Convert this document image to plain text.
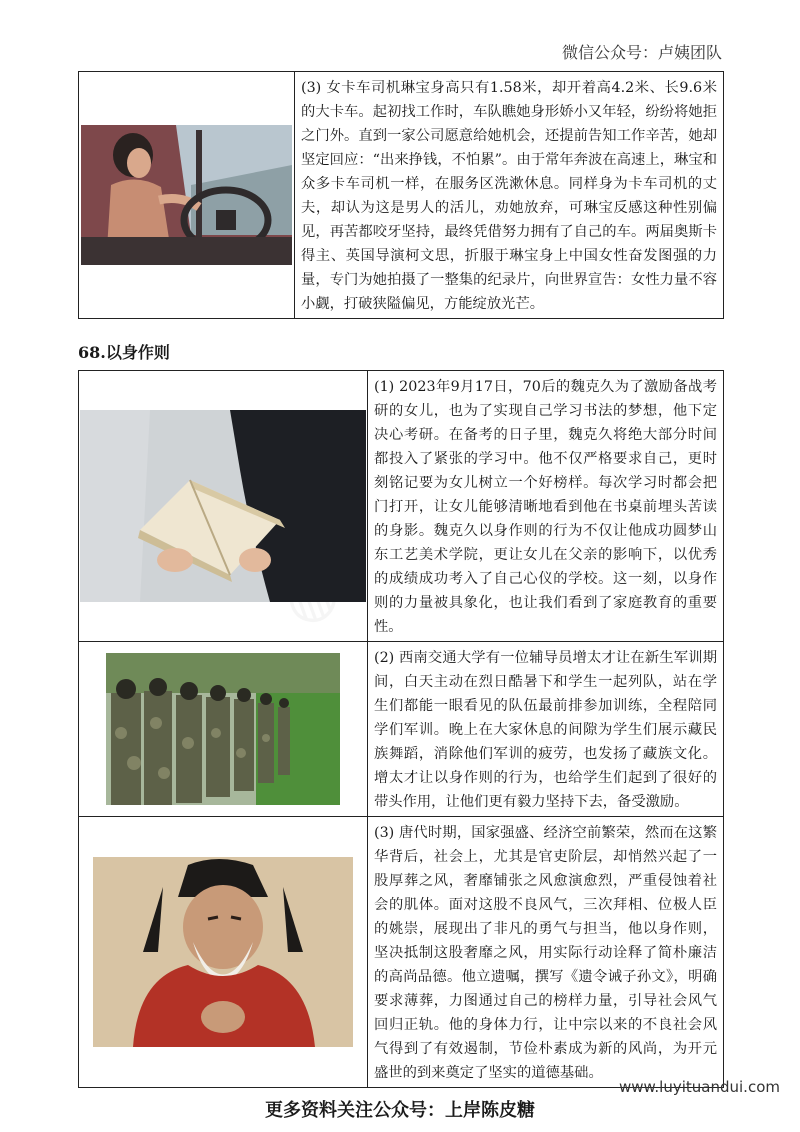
微信公众号：卢姨团队
	(3) 女卡车司机琳宝身高只有1.58米，却开着高4.2米、长9.6米的大卡车。起初找工作时，车队瞧她身形娇小又年轻，纷纷将她拒之门外。直到一家公司愿意给她机会，还提前告知工作辛苦，她却坚定回应：“出来挣钱，不怕累”。由于常年奔波在高速上，琳宝和众多卡车司机一样，在服务区洗漱休息。同样身为卡车司机的丈夫，却认为这是男人的活儿，劝她放弃，可琳宝反感这种性别偏见，再苦都咬牙坚持，最终凭借努力拥有了自己的车。两届奥斯卡得主、英国导演柯文思，折服于琳宝身上中国女性奋发图强的力量，专门为她拍摄了一整集的纪录片，向世界宣告：女性力量不容小觑，打破狭隘偏见，方能绽放光芒。
68.以身作则
	(1) 2023年9月17日，70后的魏克久为了激励备战考研的女儿，也为了实现自己学习书法的梦想，他下定决心考研。在备考的日子里，魏克久将绝大部分时间都投入了紧张的学习中。他不仅严格要求自己，更时刻铭记要为女儿树立一个好榜样。每次学习时都会把门打开，让女儿能够清晰地看到他在书桌前埋头苦读的身影。魏克久以身作则的行为不仅让他成功圆梦山东工艺美术学院，更让女儿在父亲的影响下，以优秀的成绩成功考入了自己心仪的学校。这一刻，以身作则的力量被具象化，也让我们看到了家庭教育的重要性。

	(2) 西南交通大学有一位辅导员增太才让在新生军训期间，白天主动在烈日酷暑下和学生一起列队，站在学生们都能一眼看见的队伍最前排参加训练，全程陪同学们军训。晚上在大家休息的间隙为学生们展示藏民族舞蹈，消除他们军训的疲劳，也发扬了藏族文化。增太才让以身作则的行为，也给学生们起到了很好的带头作用，让他们更有毅力坚持下去，备受激励。

	(3) 唐代时期，国家强盛、经济空前繁荣，然而在这繁华背后，社会上，尤其是官吏阶层，却悄然兴起了一股厚葬之风，奢靡铺张之风愈演愈烈，严重侵蚀着社会的肌体。面对这股不良风气，三次拜相、位极人臣的姚崇，展现出了非凡的勇气与担当，他以身作则，坚决抵制这股奢靡之风，用实际行动诠释了简朴廉洁的高尚品德。他立遗嘱，撰写《遗令诫子孙文》，明确要求薄葬，力图通过自己的榜样力量，引导社会风气回归正轨。他的身体力行，让中宗以来的不良社会风气得到了有效遏制，节俭朴素成为新的风尚，为开元盛世的到来奠定了坚实的道德基础。
www.luyituandui.com
更多资料关注公众号：上岸陈皮糖
